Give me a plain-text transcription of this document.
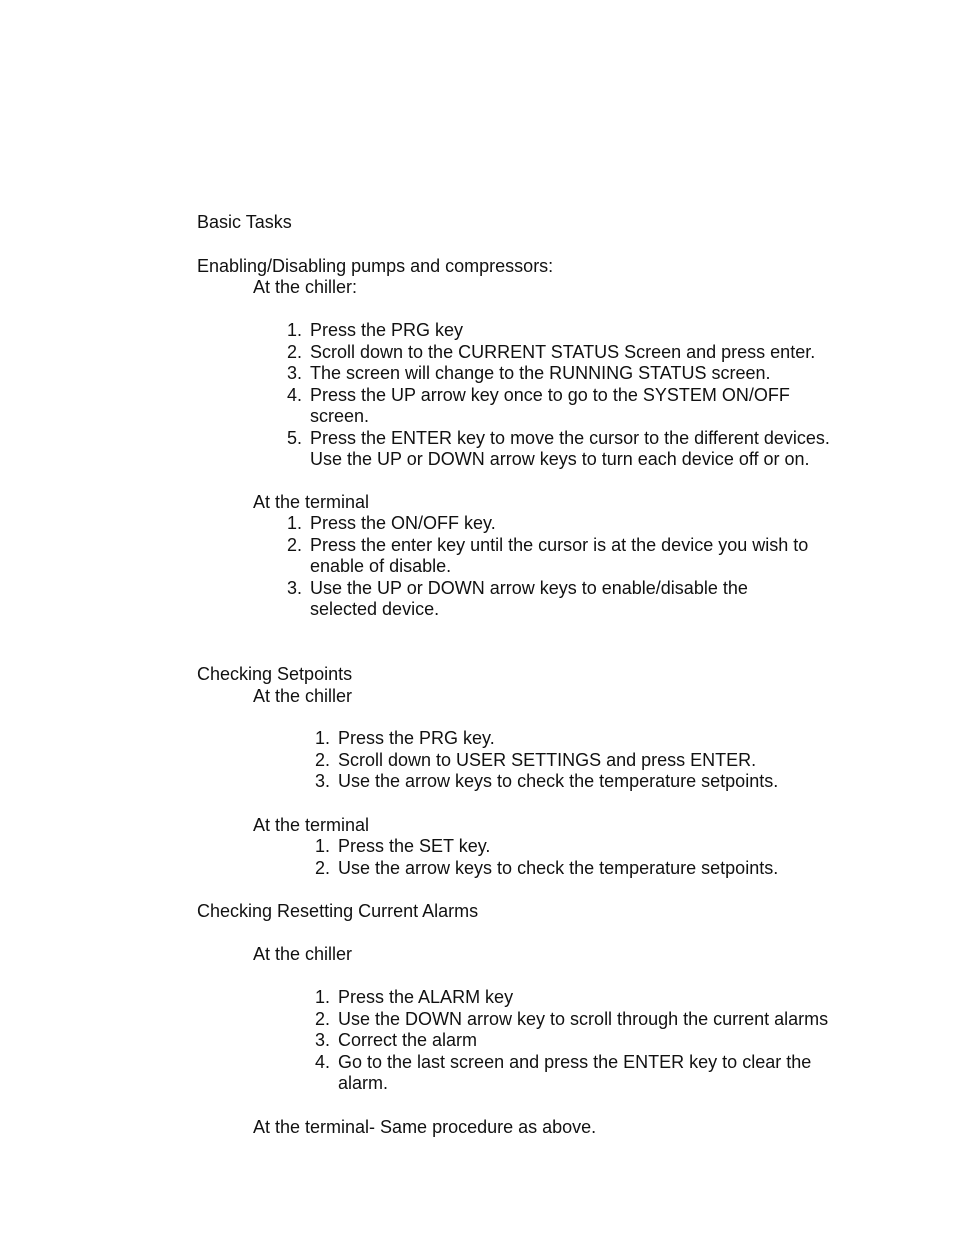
Basic Tasks
Enabling/Disabling pumps and compressors:
At the chiller:
1. Press the PRG key
2. Scroll down to the CURRENT STATUS Screen and press enter.
3. The screen will change to the RUNNING STATUS screen.
4. Press the UP arrow key once to go to the SYSTEM ON/OFF screen.
5. Press the ENTER key to move the cursor to the different devices. Use the UP or DOWN arrow keys to turn each device off or on.
At the terminal
1. Press the ON/OFF key.
2. Press the enter key until the cursor is at the device you wish to enable of disable.
3. Use the UP or DOWN arrow keys to enable/disable the selected device.
Checking Setpoints
At the chiller
1. Press the PRG key.
2. Scroll down to USER SETTINGS and press ENTER.
3. Use the arrow keys to check the temperature setpoints.
At the terminal
1. Press the SET key.
2. Use the arrow keys to check the temperature setpoints.
Checking Resetting Current Alarms
At the chiller
1. Press the ALARM key
2. Use the DOWN arrow key to scroll through the current alarms
3. Correct the alarm
4. Go to the last screen and press the ENTER key to clear the alarm.
At the terminal- Same procedure as above.
